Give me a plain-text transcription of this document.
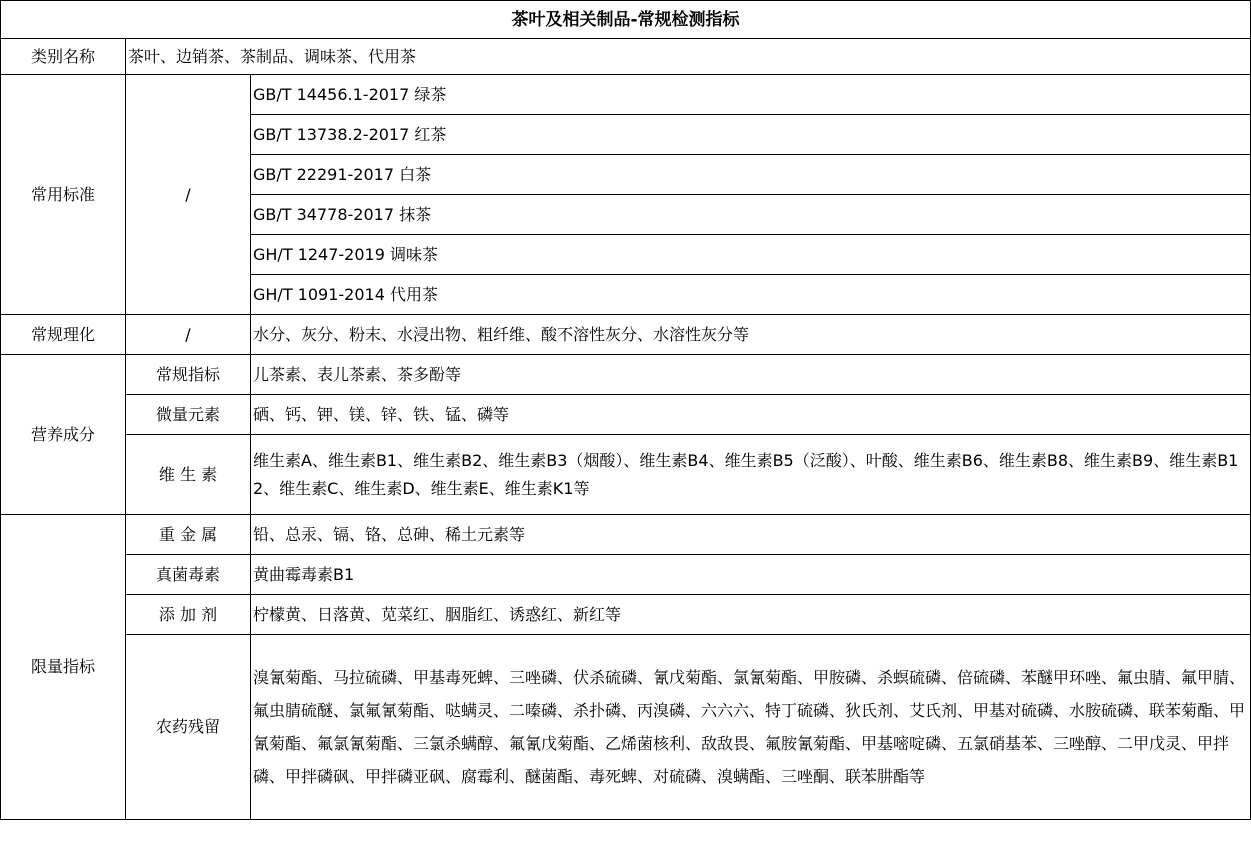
茶叶及相关制品-常规检测指标		
类别名称	茶叶、边销茶、茶制品、调味茶、代用茶	
常用标准	/	GB/T 14456.1-2017 绿茶
		GB/T 13738.2-2017 红茶
		GB/T 22291-2017 白茶
		GB/T 34778-2017 抹茶
		GH/T 1247-2019 调味茶
		GH/T 1091-2014 代用茶
常规理化	/	水分、灰分、粉末、水浸出物、粗纤维、酸不溶性灰分、水溶性灰分等
营养成分	常规指标	儿茶素、表儿茶素、茶多酚等
	微量元素	硒、钙、钾、镁、锌、铁、锰、磷等
	维 生 素	维生素A、维生素B1、维生素B2、维生素B3（烟酸）、维生素B4、维生素B5（泛酸）、叶酸、维生素B6、维生素B8、维生素B9、维生素B12、维生素C、维生素D、维生素E、维生素K1等
限量指标	重 金 属	铅、总汞、镉、铬、总砷、稀土元素等
	真菌毒素	黄曲霉毒素B1
	添 加 剂	柠檬黄、日落黄、苋菜红、胭脂红、诱惑红、新红等
	农药残留	溴氰菊酯、马拉硫磷、甲基毒死蜱、三唑磷、伏杀硫磷、氰戊菊酯、氯氰菊酯、甲胺磷、杀螟硫磷、倍硫磷、苯醚甲环唑、氟虫腈、氟甲腈、氟虫腈硫醚、氯氟氰菊酯、哒螨灵、二嗪磷、杀扑磷、丙溴磷、六六六、特丁硫磷、狄氏剂、艾氏剂、甲基对硫磷、水胺硫磷、联苯菊酯、甲氰菊酯、氟氯氰菊酯、三氯杀螨醇、氟氰戊菊酯、乙烯菌核利、敌敌畏、氟胺氰菊酯、甲基嘧啶磷、五氯硝基苯、三唑醇、二甲戊灵、甲拌磷、甲拌磷砜、甲拌磷亚砜、腐霉利、醚菌酯、毒死蜱、对硫磷、溴螨酯、三唑酮、联苯肼酯等
